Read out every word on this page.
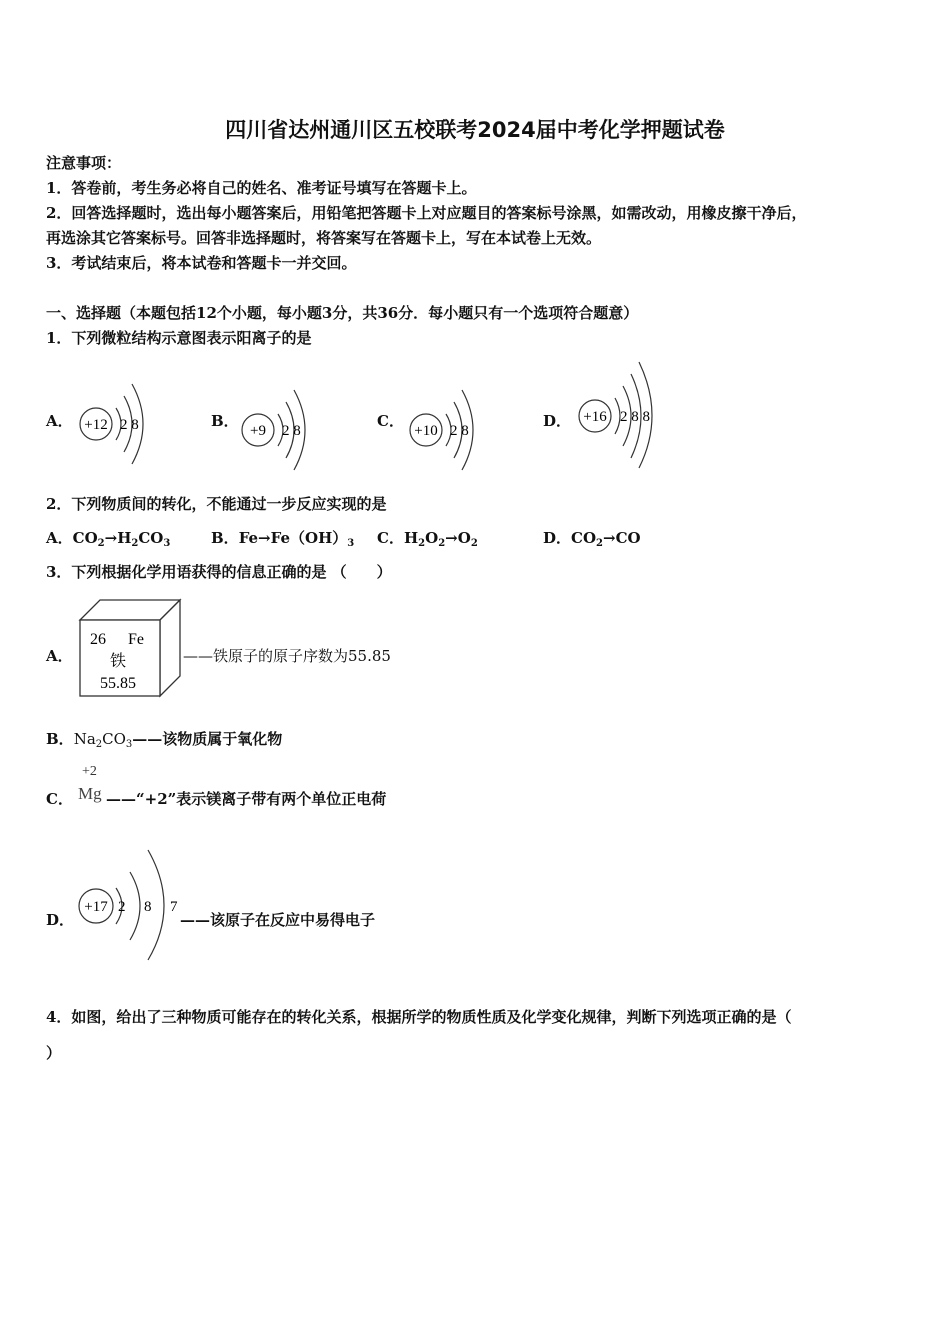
四川省达州通川区五校联考2024届中考化学押题试卷
注意事项：
1．答卷前，考生务必将自己的姓名、准考证号填写在答题卡上。
2．回答选择题时，选出每小题答案后，用铅笔把答题卡上对应题目的答案标号涂黑，如需改动，用橡皮擦干净后，
再选涂其它答案标号。回答非选择题时，将答案写在答题卡上，写在本试卷上无效。
3．考试结束后，将本试卷和答题卡一并交回。
一、选择题（本题包括12个小题，每小题3分，共36分．每小题只有一个选项符合题意）
1．下列微粒结构示意图表示阳离子的是
A． +12 2 8	B．
+9 2 8
C．
+10 2 8
D． +16 2 8 8
2．下列物质间的转化，不能通过一步反应实现的是
A．$CO_2\to H_2CO_3$	B．$Fe\to Fe(OH)_3$ C．$H_2O_2\to O_2$	D．$CO_2\to CO$
3．下列根据化学用语获得的信息正确的是 （　　）
A．
26 Fe
铁
55.85
——铁原子的原子序数为55.85
B．$Na_2CO_3——$该物质属于氧化物
C．
+2
Mg ——“+2”表示镁离子带有两个单位正电荷
D．
+17 2 8 7
——该原子在反应中易得电子
4．如图，给出了三种物质可能存在的转化关系，根据所学的物质性质及化学变化规律，判断下列选项正确的是（
）
